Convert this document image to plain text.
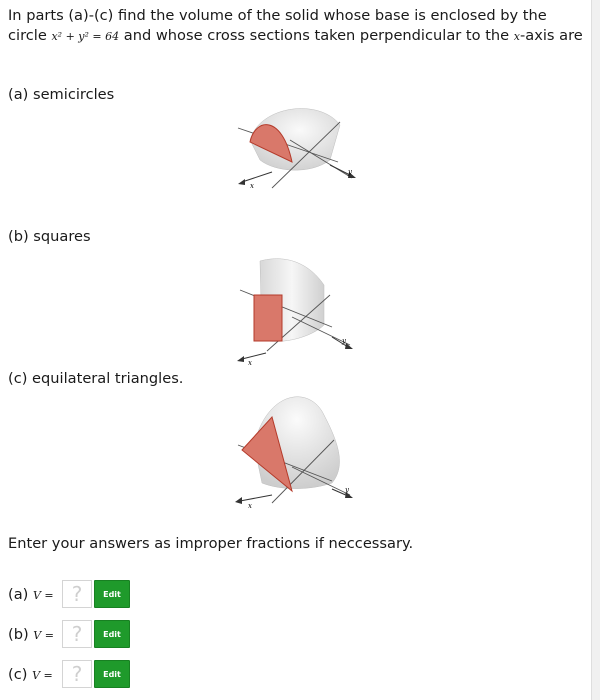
In parts (a)-(c) find the volume of the solid whose base is enclosed by the circle x² + y² = 64 and whose cross sections taken perpendicular to the x-axis are
(a) semicircles
x
y
(b) squares
x
y
(c) equilateral triangles.
x
y
Enter your answers as improper fractions if neccessary.
(a) V = ?	Edit
(b) V = ?	Edit
(c) V = ?	Edit
